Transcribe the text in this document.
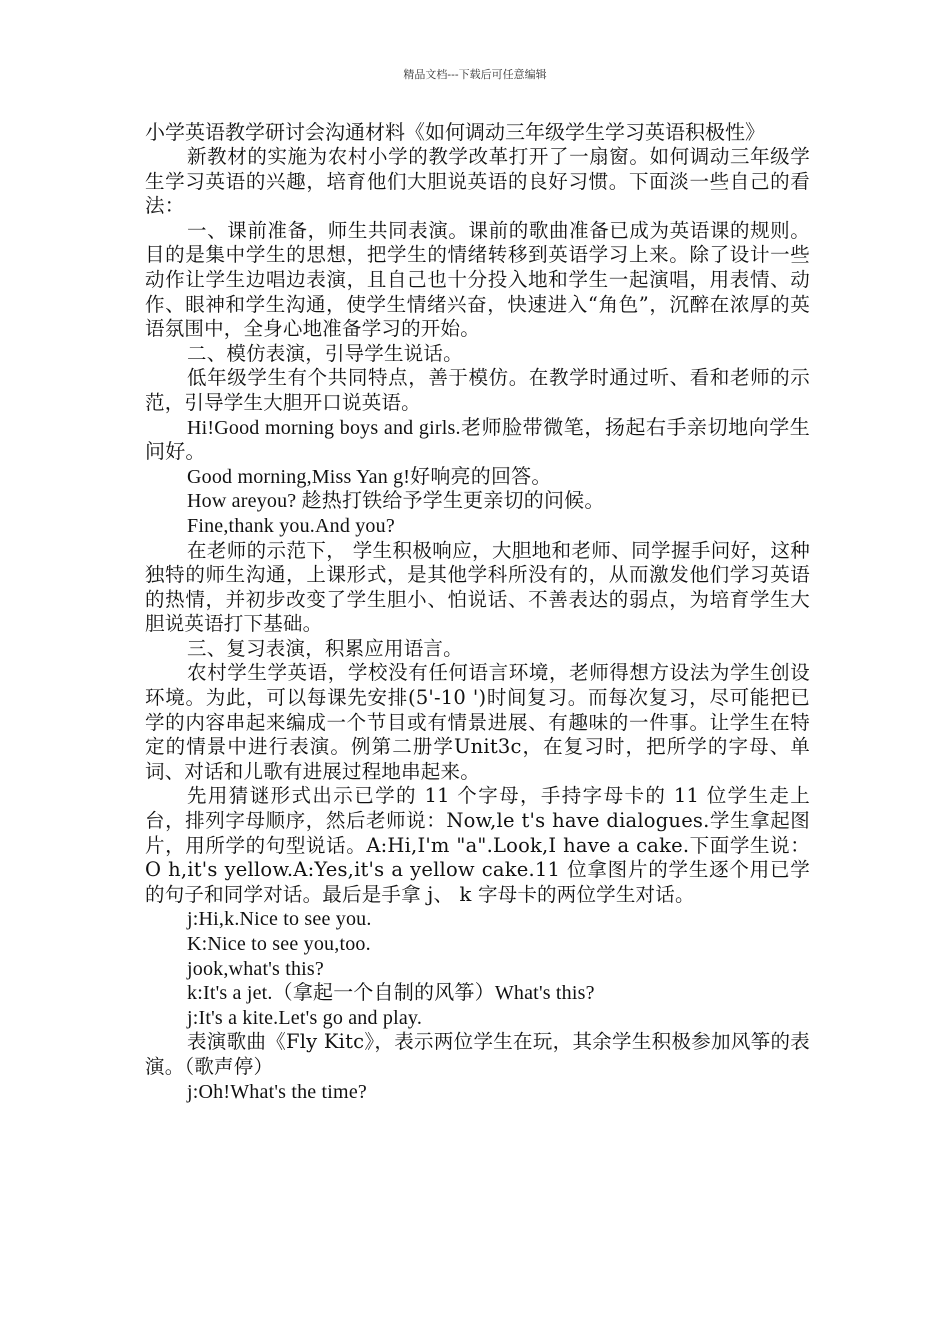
精品文档---下载后可任意编辑
小学英语教学研讨会沟通材料《如何调动三年级学生学习英语积极性》

新教材的实施为农村小学的教学改革打开了一扇窗。如何调动三年级学生学习英语的兴趣，培育他们大胆说英语的良好习惯。下面淡一些自己的看法：

一、课前准备，师生共同表演。课前的歌曲准备已成为英语课的规则。目的是集中学生的思想，把学生的情绪转移到英语学习上来。除了设计一些动作让学生边唱边表演，且自己也十分投入地和学生一起演唱，用表情、动作、眼神和学生沟通，使学生情绪兴奋，快速进入“角色”，沉醉在浓厚的英语氛围中，全身心地准备学习的开始。

二、模仿表演，引导学生说话。

低年级学生有个共同特点，善于模仿。在教学时通过听、看和老师的示范，引导学生大胆开口说英语。

Hi!Good morning boys and girls.老师脸带微笔，扬起右手亲切地向学生问好。

Good morning,Miss Yan g!好响亮的回答。

How areyou? 趁热打铁给予学生更亲切的问候。

Fine,thank you.And you?

在老师的示范下， 学生积极响应，大胆地和老师、同学握手问好，这种独特的师生沟通，上课形式，是其他学科所没有的，从而激发他们学习英语的热情，并初步改变了学生胆小、怕说话、不善表达的弱点，为培育学生大胆说英语打下基础。

三、复习表演，积累应用语言。

农村学生学英语，学校没有任何语言环境，老师得想方设法为学生创设环境。为此，可以每课先安排(5'-10 ')时间复习。而每次复习，尽可能把已学的内容串起来编成一个节目或有情景进展、有趣味的一件事。让学生在特定的情景中进行表演。例第二册学Unit3c，在复习时，把所学的字母、单词、对话和儿歌有进展过程地串起来。

先用猜谜形式出示已学的 11 个字母，手持字母卡的 11 位学生走上台，排列字母顺序，然后老师说：Now,le t's have dialogues.学生拿起图片，用所学的句型说话。A:Hi,I'm "a".Look,I have a cake.下面学生说：O h,it's yellow.A:Yes,it's a yellow cake.11 位拿图片的学生逐个用已学的句子和同学对话。最后是手拿 j、 k 字母卡的两位学生对话。

j:Hi,k.Nice to see you.

K:Nice to see you,too.

jook,what's this?

k:It's a jet.（拿起一个自制的风筝）What's this?

j:It's a kite.Let's go and play.

表演歌曲《Fly Kitc》，表示两位学生在玩，其余学生积极参加风筝的表演。（歌声停）

j:Oh!What's the time?
